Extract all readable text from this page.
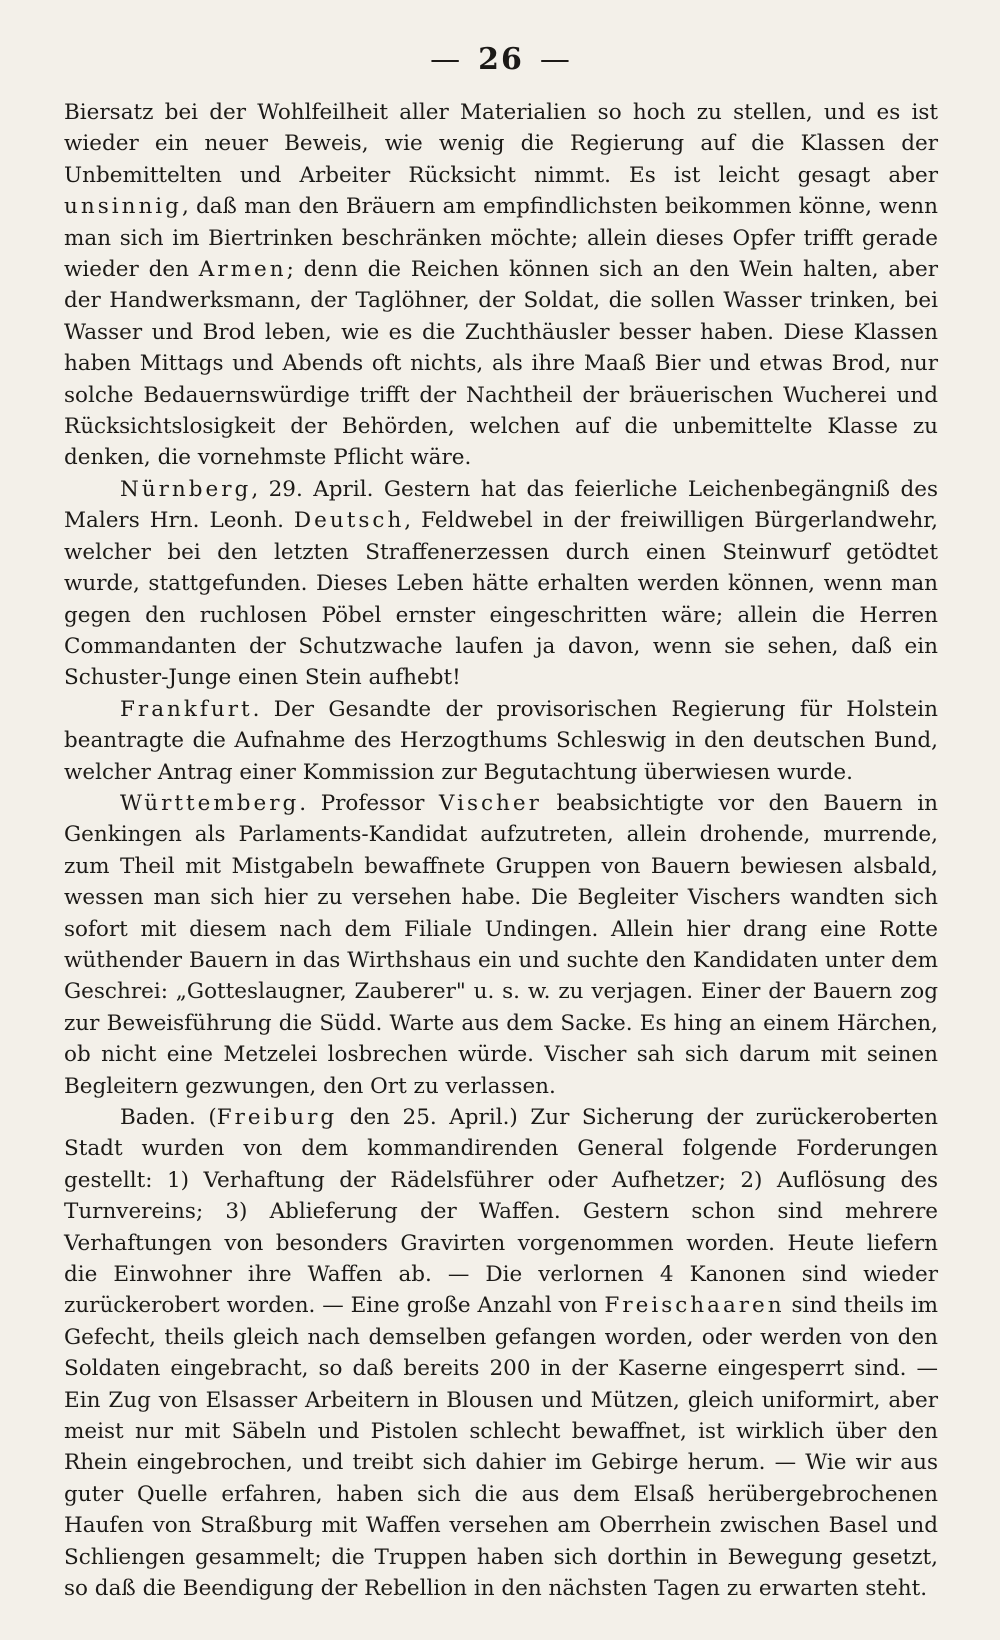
— 26 —

Biersatz bei der Wohlfeilheit aller Materialien so hoch zu stellen, und es ist wieder ein neuer Beweis, wie wenig die Regierung auf die Klassen der Unbemittelten und Arbeiter Rücksicht nimmt. Es ist leicht gesagt aber unsinnig, daß man den Bräuern am empfindlichsten beikommen könne, wenn man sich im Biertrinken beschränken möchte; allein dieses Opfer trifft gerade wieder den Armen; denn die Reichen können sich an den Wein halten, aber der Handwerksmann, der Taglöhner, der Soldat, die sollen Wasser trinken, bei Wasser und Brod leben, wie es die Zuchthäusler besser haben. Diese Klassen haben Mittags und Abends oft nichts, als ihre Maaß Bier und etwas Brod, nur solche Bedauernswürdige trifft der Nachtheil der bräuerischen Wucherei und Rücksichtslosigkeit der Behörden, welchen auf die unbemittelte Klasse zu denken, die vornehmste Pflicht wäre.

Nürnberg, 29. April. Gestern hat das feierliche Leichenbegängniß des Malers Hrn. Leonh. Deutsch, Feldwebel in der freiwilligen Bürgerlandwehr, welcher bei den letzten Straffenerzessen durch einen Steinwurf getödtet wurde, stattgefunden. Dieses Leben hätte erhalten werden können, wenn man gegen den ruchlosen Pöbel ernster eingeschritten wäre; allein die Herren Commandanten der Schutzwache laufen ja davon, wenn sie sehen, daß ein Schuster-Junge einen Stein aufhebt!

Frankfurt. Der Gesandte der provisorischen Regierung für Holstein beantragte die Aufnahme des Herzogthums Schleswig in den deutschen Bund, welcher Antrag einer Kommission zur Begutachtung überwiesen wurde.

Württemberg. Professor Vischer beabsichtigte vor den Bauern in Genkingen als Parlaments-Kandidat aufzutreten, allein drohende, murrende, zum Theil mit Mistgabeln bewaffnete Gruppen von Bauern bewiesen alsbald, wessen man sich hier zu versehen habe. Die Begleiter Vischers wandten sich sofort mit diesem nach dem Filiale Undingen. Allein hier drang eine Rotte wüthender Bauern in das Wirthshaus ein und suchte den Kandidaten unter dem Geschrei: „Gotteslaugner, Zauberer" u. s. w. zu verjagen. Einer der Bauern zog zur Beweisführung die Südd. Warte aus dem Sacke. Es hing an einem Härchen, ob nicht eine Metzelei losbrechen würde. Vischer sah sich darum mit seinen Begleitern gezwungen, den Ort zu verlassen.

Baden. (Freiburg den 25. April.) Zur Sicherung der zurückeroberten Stadt wurden von dem kommandirenden General folgende Forderungen gestellt: 1) Verhaftung der Rädelsführer oder Aufhetzer; 2) Auflösung des Turnvereins; 3) Ablieferung der Waffen. Gestern schon sind mehrere Verhaftungen von besonders Gravirten vorgenommen worden. Heute liefern die Einwohner ihre Waffen ab. — Die verlornen 4 Kanonen sind wieder zurückerobert worden. — Eine große Anzahl von Freischaaren sind theils im Gefecht, theils gleich nach demselben gefangen worden, oder werden von den Soldaten eingebracht, so daß bereits 200 in der Kaserne eingesperrt sind. — Ein Zug von Elsasser Arbeitern in Blousen und Mützen, gleich uniformirt, aber meist nur mit Säbeln und Pistolen schlecht bewaffnet, ist wirklich über den Rhein eingebrochen, und treibt sich dahier im Gebirge herum. — Wie wir aus guter Quelle erfahren, haben sich die aus dem Elsaß herübergebrochenen Haufen von Straßburg mit Waffen versehen am Oberrhein zwischen Basel und Schliengen gesammelt; die Truppen haben sich dorthin in Bewegung gesetzt, so daß die Beendigung der Rebellion in den nächsten Tagen zu erwarten steht.
